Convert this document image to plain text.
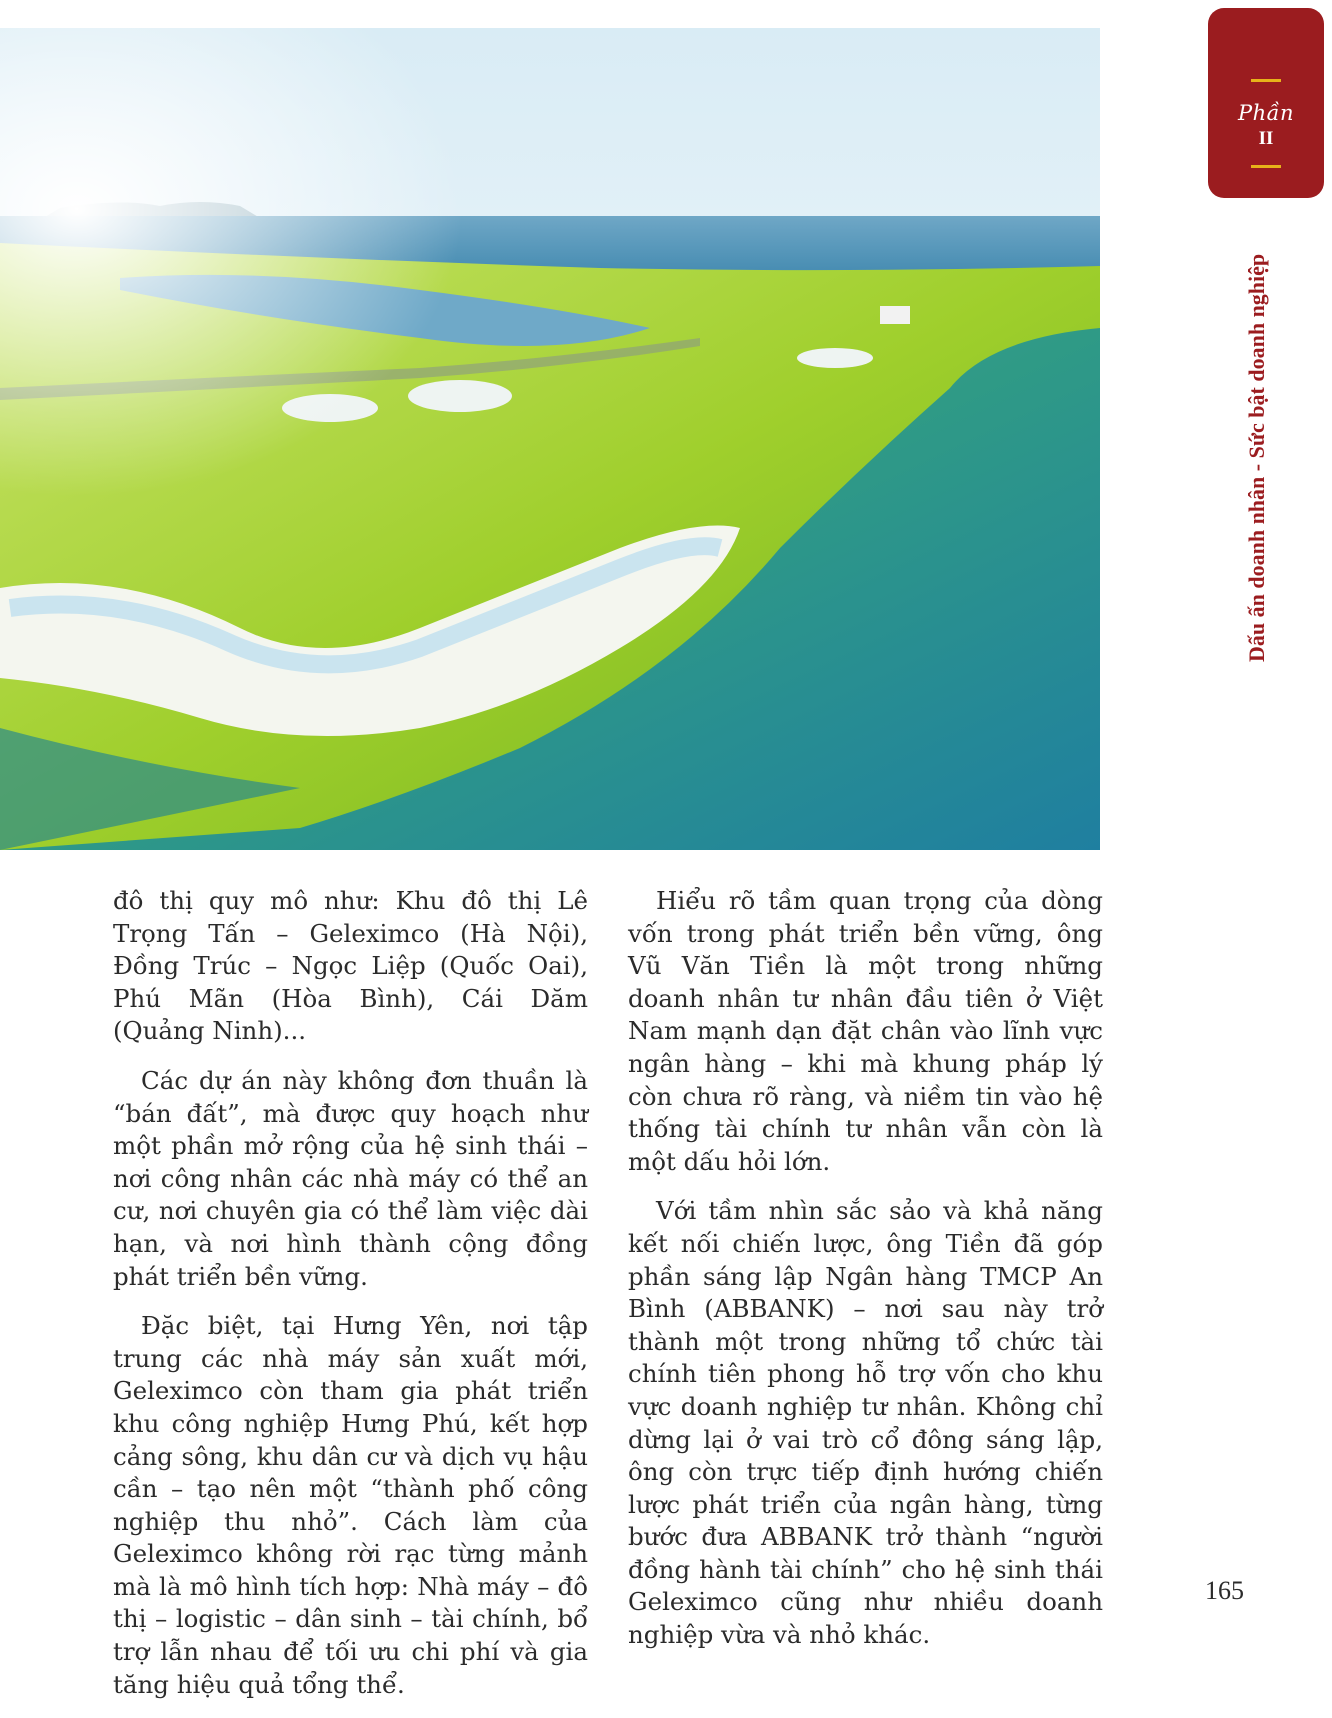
Phần
II
Dấu ấn doanh nhân - Sức bật doanh nghiệp

đô thị quy mô như: Khu đô thị Lê Trọng Tấn – Geleximco (Hà Nội), Đồng Trúc – Ngọc Liệp (Quốc Oai), Phú Mãn (Hòa Bình), Cái Dăm (Quảng Ninh)...

Các dự án này không đơn thuần là “bán đất”, mà được quy hoạch như một phần mở rộng của hệ sinh thái – nơi công nhân các nhà máy có thể an cư, nơi chuyên gia có thể làm việc dài hạn, và nơi hình thành cộng đồng phát triển bền vững.

Đặc biệt, tại Hưng Yên, nơi tập trung các nhà máy sản xuất mới, Geleximco còn tham gia phát triển khu công nghiệp Hưng Phú, kết hợp cảng sông, khu dân cư và dịch vụ hậu cần – tạo nên một “thành phố công nghiệp thu nhỏ”. Cách làm của Geleximco không rời rạc từng mảnh mà là mô hình tích hợp: Nhà máy – đô thị – logistic – dân sinh – tài chính, bổ trợ lẫn nhau để tối ưu chi phí và gia tăng hiệu quả tổng thể.

Hiểu rõ tầm quan trọng của dòng vốn trong phát triển bền vững, ông Vũ Văn Tiền là một trong những doanh nhân tư nhân đầu tiên ở Việt Nam mạnh dạn đặt chân vào lĩnh vực ngân hàng – khi mà khung pháp lý còn chưa rõ ràng, và niềm tin vào hệ thống tài chính tư nhân vẫn còn là một dấu hỏi lớn.

Với tầm nhìn sắc sảo và khả năng kết nối chiến lược, ông Tiền đã góp phần sáng lập Ngân hàng TMCP An Bình (ABBANK) – nơi sau này trở thành một trong những tổ chức tài chính tiên phong hỗ trợ vốn cho khu vực doanh nghiệp tư nhân. Không chỉ dừng lại ở vai trò cổ đông sáng lập, ông còn trực tiếp định hướng chiến lược phát triển của ngân hàng, từng bước đưa ABBANK trở thành “người đồng hành tài chính” cho hệ sinh thái Geleximco cũng như nhiều doanh nghiệp vừa và nhỏ khác.

165
